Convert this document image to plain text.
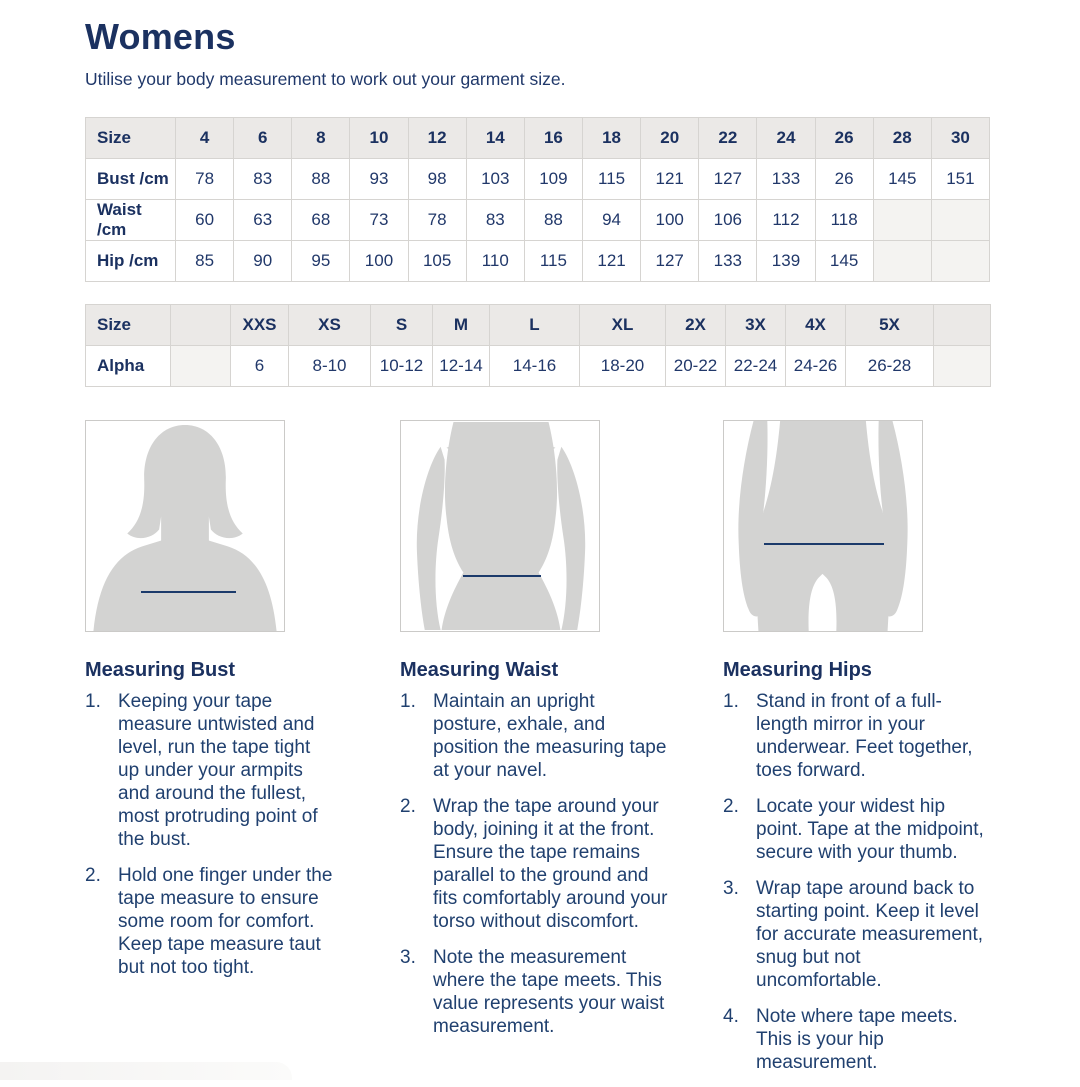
Womens
Utilise your body measurement to work out your garment size.
Size	4	6	8	10	12	14	16	18	20	22	24	26	28	30
Bust /cm	78	83	88	93	98	103	109	115	121	127	133	26	145	151
Waist /cm	60	63	68	73	78	83	88	94	100	106	112	118		
Hip /cm	85	90	95	100	105	110	115	121	127	133	139	145		
Size		XXS	XS	S	M	L	XL	2X	3X	4X	5X	
Alpha		6	8-10	10-12	12-14	14-16	18-20	20-22	22-24	24-26	26-28	
Measuring Bust
Keeping your tape measure untwisted and level, run the tape tight up under your armpits and around the fullest, most protruding point of the bust.
Hold one finger under the tape measure to ensure some room for comfort. Keep tape measure taut but not too tight.
Measuring Waist
Maintain an upright posture, exhale, and position the measuring tape at your navel.
Wrap the tape around your body, joining it at the front. Ensure the tape remains parallel to the ground and fits comfortably around your torso without discomfort.
Note the measurement where the tape meets. This value represents your waist measurement.
Measuring Hips
Stand in front of a full-length mirror in your underwear. Feet together, toes forward.
Locate your widest hip point. Tape at the midpoint, secure with your thumb.
Wrap tape around back to starting point. Keep it level for accurate measurement, snug but not uncomfortable.
Note where tape meets. This is your hip measurement.
